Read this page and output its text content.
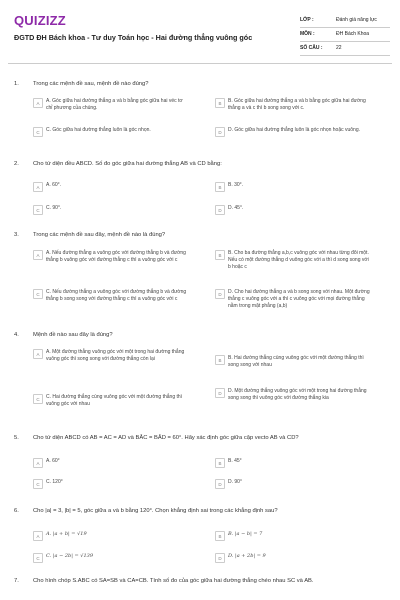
QUIZIZZ
ĐGTD ĐH Bách khoa - Tư duy Toán học - Hai đường thẳng vuông góc
LỚP :	Đánh giá năng lực
MÔN :	ĐH Bách Khoa
SỐ CÂU :	22
1. Trong các mệnh đề sau, mệnh đề nào đúng?
A	A. Góc giữa hai đường thẳng a và b bằng góc giữa hai véc tơ chỉ phương của chúng.
B	B. Góc giữa hai đường thẳng a và b bằng góc giữa hai đường thẳng a và c thì b song song với c.
C	C. Góc giữa hai đường thẳng luôn là góc nhọn.	D	D. Góc giữa hai đường thẳng luôn là góc nhọn hoặc vuông.
2. Cho tứ diện đều ABCD. Số đo góc giữa hai đường thẳng AB và CD bằng:
A	A. 60°.	B	B. 30°.
C	C. 90°.	D	D. 45°.
3. Trong các mệnh đề sau đây, mệnh đề nào là đúng?
A	A. Nếu đường thẳng a vuông góc với đường thẳng b và đường thẳng b vuông góc với đường thẳng c thì a vuông góc với c
B	B. Cho ba đường thẳng a,b,c vuông góc với nhau từng đôi một. Nếu có một đường thẳng d vuông góc với a thì d song song với b hoặc c
C	C. Nếu đường thẳng a vuông góc với đường thẳng b và đường thẳng b song song với đường thẳng c thì a vuông góc với c
D	D. Cho hai đường thẳng a và b song song với nhau. Một đường thẳng c vuông góc với a thì c vuông góc với mọi đường thẳng nằm trong mặt phẳng (a,b)
4. Mệnh đề nào sau đây là đúng?
A	A. Một đường thẳng vuông góc với một trong hai đường thẳng vuông góc thì song song với đường thẳng còn lại	B	B. Hai đường thẳng cùng vuông góc với một đường thẳng thì song song với nhau
C	C. Hai đường thẳng cùng vuông góc với một đường thẳng thì vuông góc với nhau
D	D. Một đường thẳng vuông góc với một trong hai đường thẳng song song thì vuông góc với đường thẳng kia
5. Cho tứ diện ABCD có AB = AC = AD và BÂC = BÂD = 60°. Hãy xác định góc giữa cặp vecto AB và CD?
A	A. 60°	B	B. 45°
C	C. 120°	D	D. 90°
6. Cho |a| = 3, |b| = 5, góc giữa a và b bằng 120°. Chọn khẳng định sai trong các khẳng định sau?
A	A. |a + b| = √19	B	B. |a − b| = 7
C	C. |a − 2b| = √139	D	D. |a + 2b| = 9
7. Cho hình chóp S.ABC có SA=SB và CA=CB. Tính số đo của góc giữa hai đường thẳng chéo nhau SC và AB.
